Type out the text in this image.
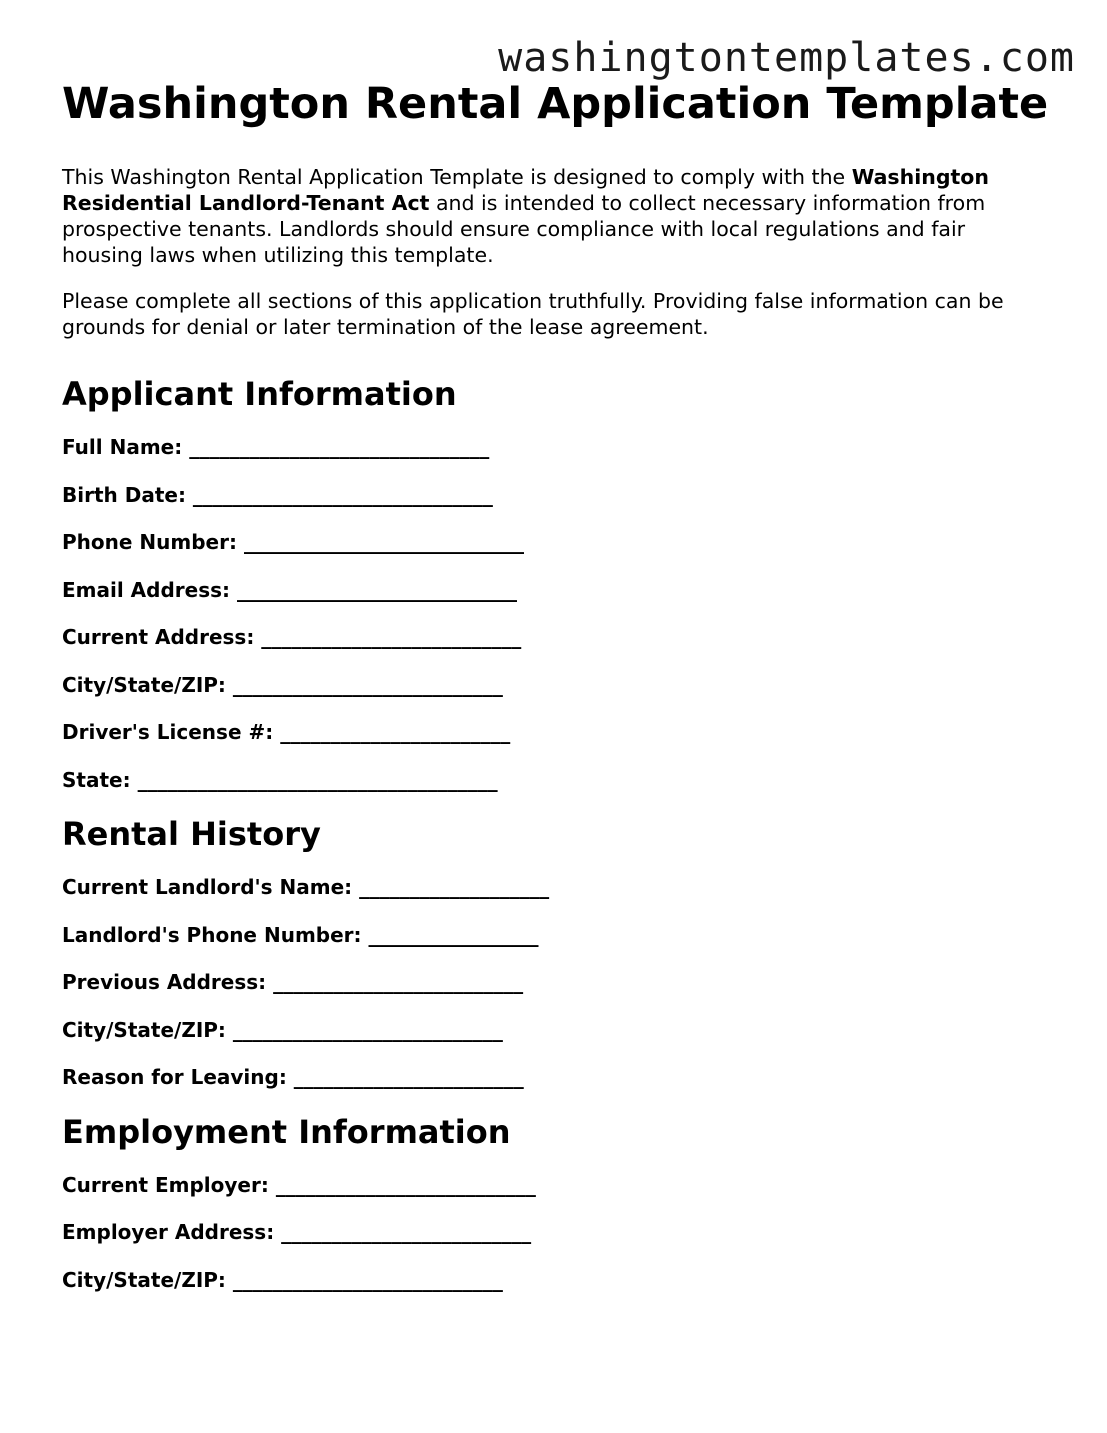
washingtontemplates.com
Washington Rental Application Template

This Washington Rental Application Template is designed to comply with the Washington Residential Landlord-Tenant Act and is intended to collect necessary information from prospective tenants. Landlords should ensure compliance with local regulations and fair housing laws when utilizing this template.

Please complete all sections of this application truthfully. Providing false information can be grounds for denial or later termination of the lease agreement.

Applicant Information
Full Name: ______________________________
Birth Date: ______________________________
Phone Number: ____________________________
Email Address: ____________________________
Current Address: __________________________
City/State/ZIP: ___________________________
Driver's License #: _______________________
State: ____________________________________
Rental History
Current Landlord's Name: ___________________
Landlord's Phone Number: _________________
Previous Address: _________________________
City/State/ZIP: ___________________________
Reason for Leaving: _______________________
Employment Information
Current Employer: __________________________
Employer Address: _________________________
City/State/ZIP: ___________________________
